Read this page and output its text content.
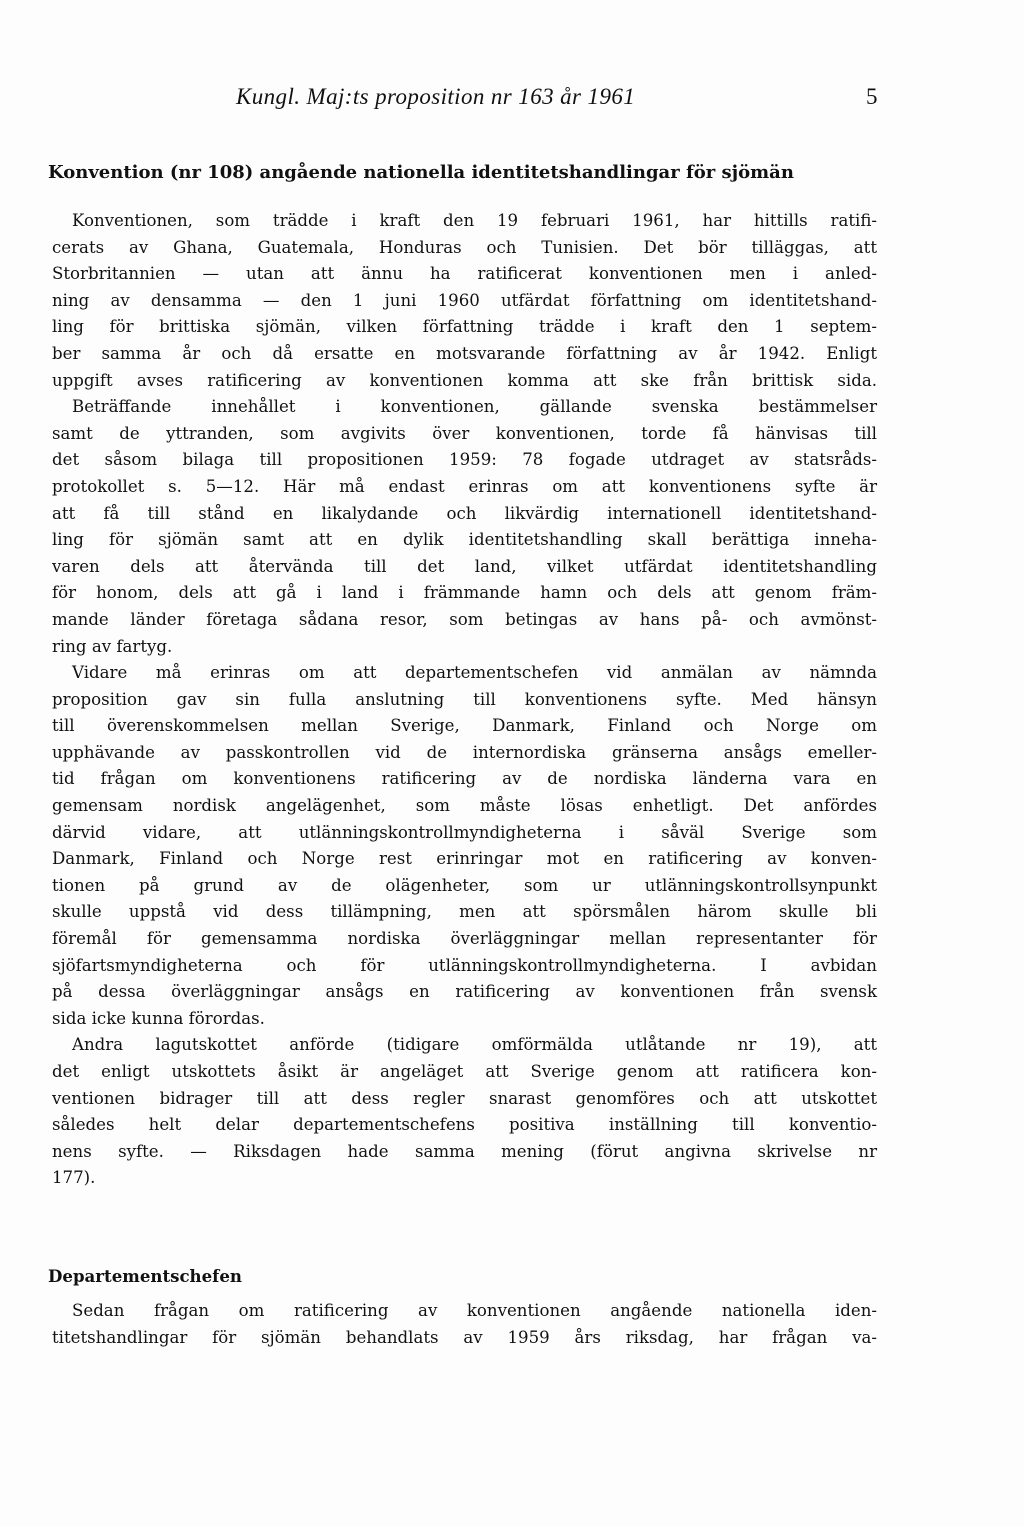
Kungl. Maj:ts proposition nr 163 år 1961	5
Konvention (nr 108) angående nationella identitetshandlingar för sjömän
Konventionen, som trädde i kraft den 19 februari 1961, har hittills ratifi-
cerats av Ghana, Guatemala, Honduras och Tunisien. Det bör tilläggas, att
Storbritannien — utan att ännu ha ratificerat konventionen men i anled-
ning av densamma — den 1 juni 1960 utfärdat författning om identitetshand-
ling för brittiska sjömän, vilken författning trädde i kraft den 1 septem-
ber samma år och då ersatte en motsvarande författning av år 1942. Enligt
uppgift avses ratificering av konventionen komma att ske från brittisk sida.
Beträffande innehållet i konventionen, gällande svenska bestämmelser
samt de yttranden, som avgivits över konventionen, torde få hänvisas till
det såsom bilaga till propositionen 1959: 78 fogade utdraget av statsråds-
protokollet s. 5—12. Här må endast erinras om att konventionens syfte är
att få till stånd en likalydande och likvärdig internationell identitetshand-
ling för sjömän samt att en dylik identitetshandling skall berättiga inneha-
varen dels att återvända till det land, vilket utfärdat identitetshandling
för honom, dels att gå i land i främmande hamn och dels att genom främ-
mande länder företaga sådana resor, som betingas av hans på- och avmönst-
ring av fartyg.
Vidare må erinras om att departementschefen vid anmälan av nämnda
proposition gav sin fulla anslutning till konventionens syfte. Med hänsyn
till överenskommelsen mellan Sverige, Danmark, Finland och Norge om
upphävande av passkontrollen vid de internordiska gränserna ansågs emeller-
tid frågan om konventionens ratificering av de nordiska länderna vara en
gemensam nordisk angelägenhet, som måste lösas enhetligt. Det anfördes
därvid vidare, att utlänningskontrollmyndigheterna i såväl Sverige som
Danmark, Finland och Norge rest erinringar mot en ratificering av konven-
tionen på grund av de olägenheter, som ur utlänningskontrollsynpunkt
skulle uppstå vid dess tillämpning, men att spörsmålen härom skulle bli
föremål för gemensamma nordiska överläggningar mellan representanter för
sjöfartsmyndigheterna och för utlänningskontrollmyndigheterna. I avbidan
på dessa överläggningar ansågs en ratificering av konventionen från svensk
sida icke kunna förordas.
Andra lagutskottet anförde (tidigare omförmälda utlåtande nr 19), att
det enligt utskottets åsikt är angeläget att Sverige genom att ratificera kon-
ventionen bidrager till att dess regler snarast genomföres och att utskottet
således helt delar departementschefens positiva inställning till konventio-
nens syfte. — Riksdagen hade samma mening (förut angivna skrivelse nr
177).
Departementschefen
Sedan frågan om ratificering av konventionen angående nationella iden-
titetshandlingar för sjömän behandlats av 1959 års riksdag, har frågan va-
